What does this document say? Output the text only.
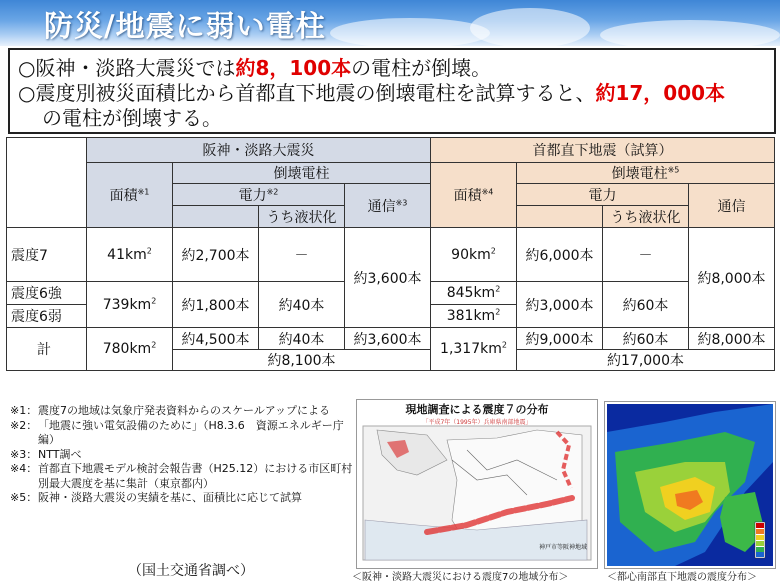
防災/地震に弱い電柱

○阪神・淡路大震災では約8，100本の電柱が倒壊。

○震度別被災面積比から首都直下地震の倒壊電柱を試算すると、約17，000本

の電柱が倒壊する。

	阪神・淡路大震災				首都直下地震（試算）			
	面積$^{※1}$	倒壊電柱			面積$^{※4}$	倒壊電柱$^{※5}$
		電力$^{※2}$		通信$^{※3}$		電力		通信
			うち液状化				うち液状化	
震度7	$41km^2$	約2,700本	－	約3,600本	$90km^2$	約6,000本	－	約8,000本
震度6強	$739km^2$	約1,800本	約40本		$845km^2$	約3,000本	約60本	
震度6弱					$381km^2$
計	$780km^2$	約4,500本	約40本	約3,600本	$1,317km^2$	約9,000本	約60本	約8,000本
		約8,100本				約17,000本		
※1： 震度7の地域は気象庁発表資料からのスケールアップによる
※2： 「地震に強い電気設備のために」（H8.3.6　資源エネルギー庁編）
※3： NTT調べ
※4： 首都直下地震モデル検討会報告書（H25.12）における市区町村別最大震度を基に集計（東京都内）
※5： 阪神・淡路大震災の実績を基に、面積比に応じて試算
（国土交通省調べ）
現地調査による震度７の分布
「平成7年（1995年）兵庫県南部地震」
神戸市等阪神地域
＜阪神・淡路大震災における震度7の地域分布＞	＜都心南部直下地震の震度分布＞
